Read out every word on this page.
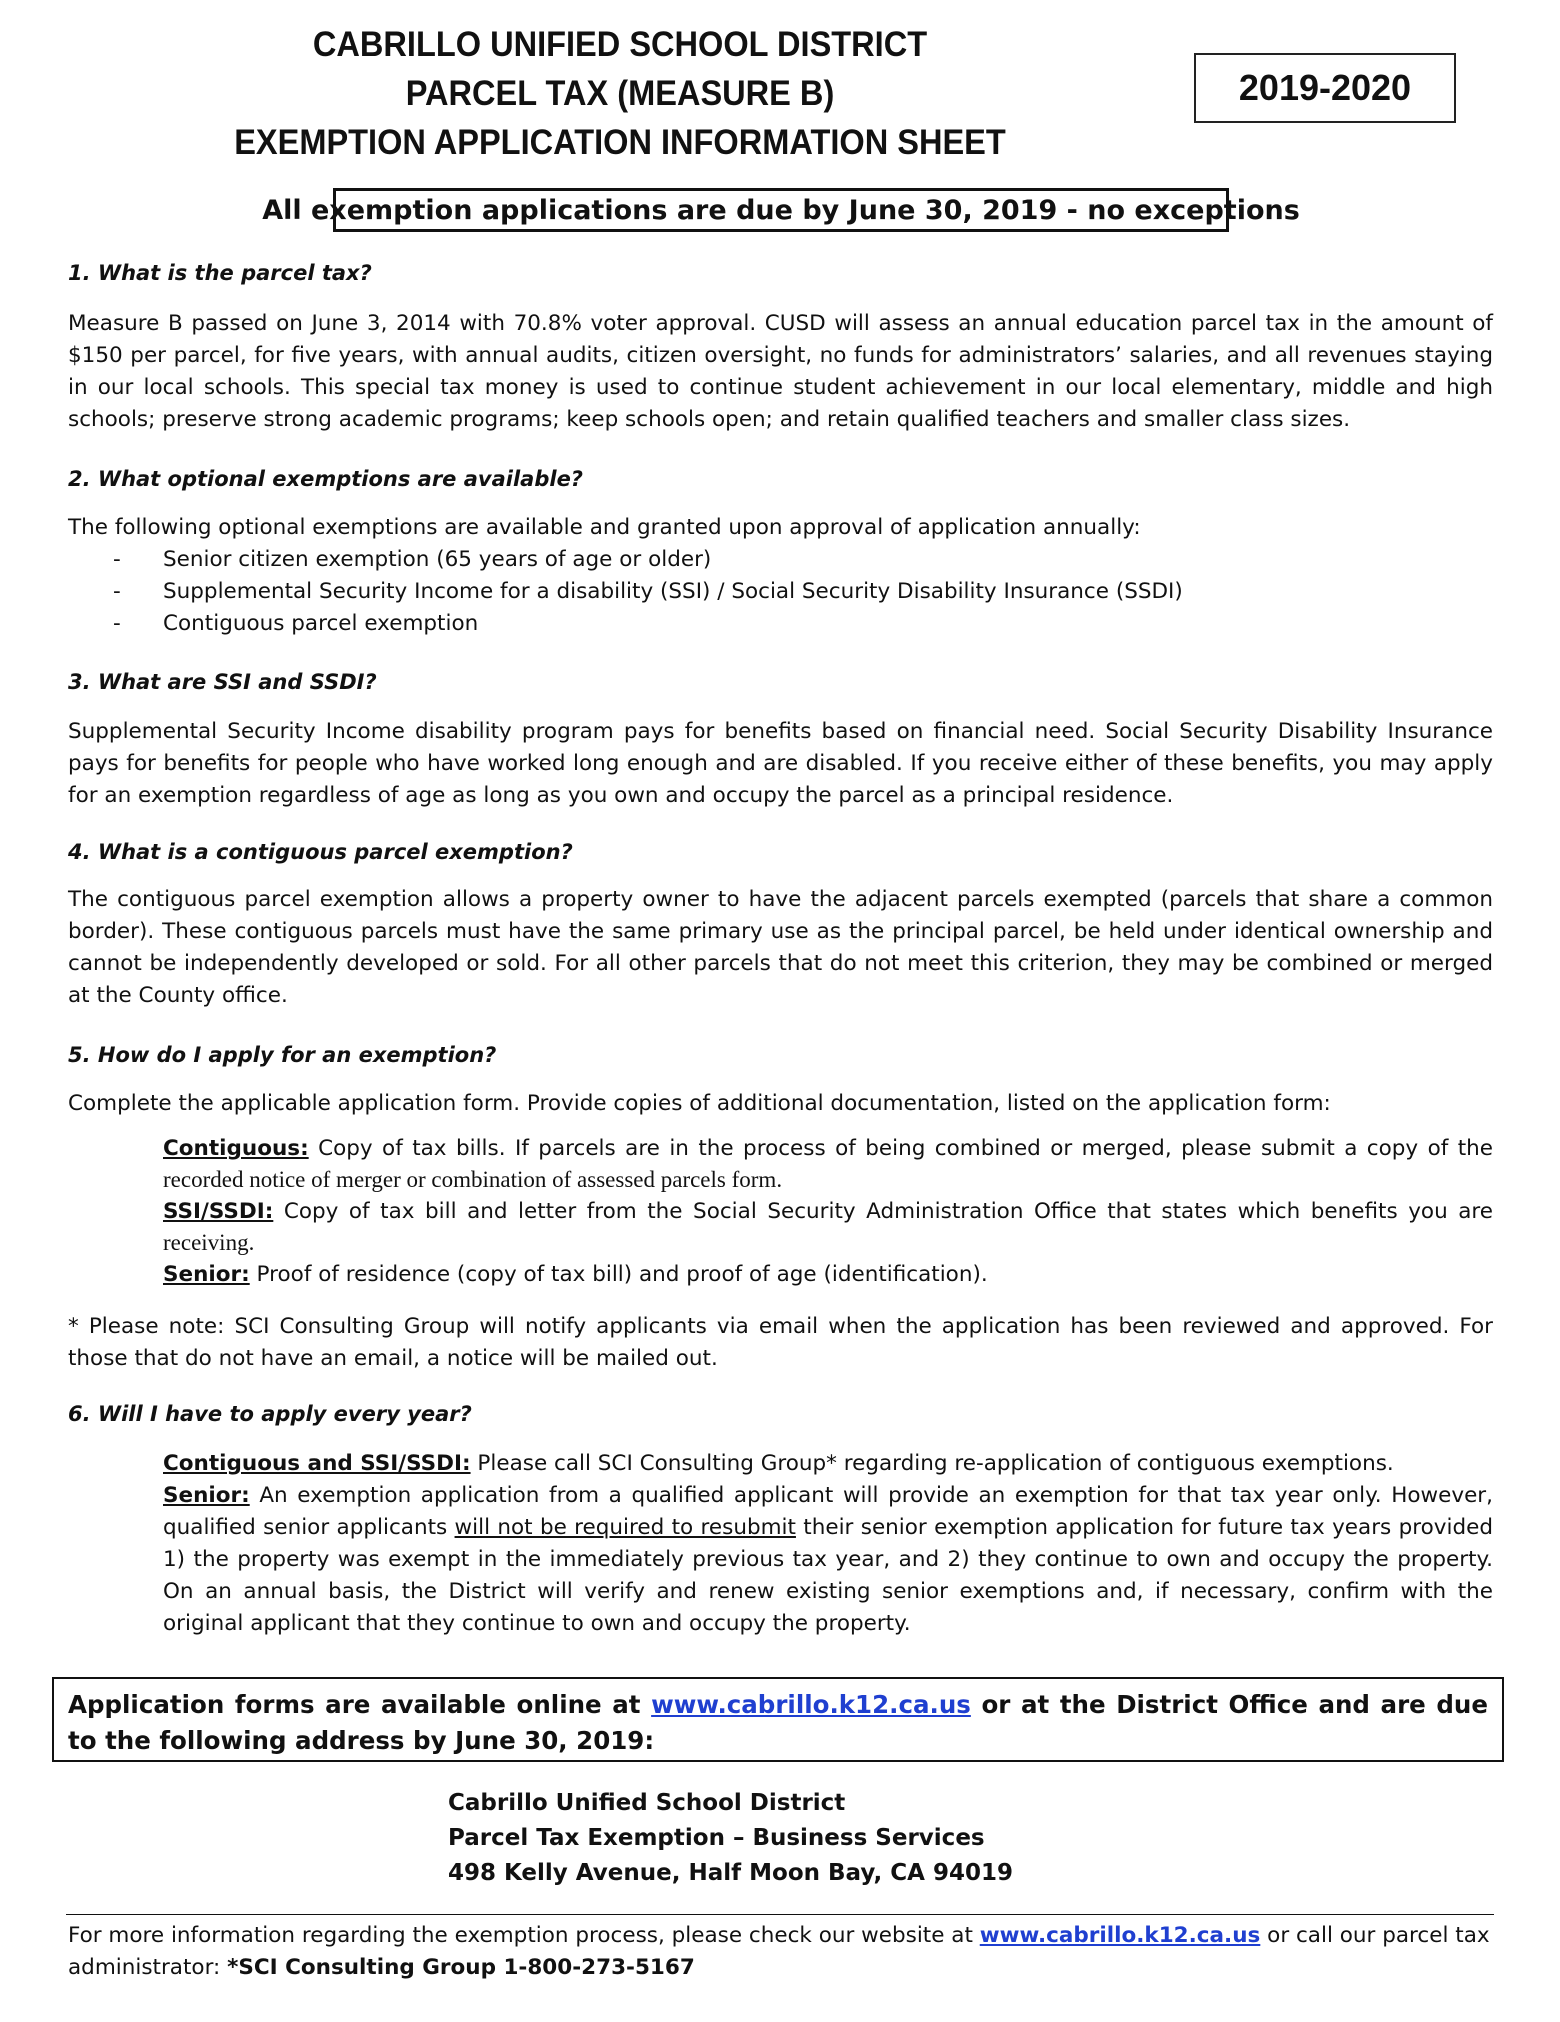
CABRILLO UNIFIED SCHOOL DISTRICT
PARCEL TAX (MEASURE B)
EXEMPTION APPLICATION INFORMATION SHEET
2019-2020
All exemption applications are due by June 30, 2019 - no exceptions
1. What is the parcel tax?
Measure B passed on June 3, 2014 with 70.8% voter approval. CUSD will assess an annual education parcel tax in the amount of $150 per parcel, for five years, with annual audits, citizen oversight, no funds for administrators’ salaries, and all revenues staying in our local schools. This special tax money is used to continue student achievement in our local elementary, middle and high schools; preserve strong academic programs; keep schools open; and retain qualified teachers and smaller class sizes.
2. What optional exemptions are available?
The following optional exemptions are available and granted upon approval of application annually:
-	Senior citizen exemption (65 years of age or older)
-	Supplemental Security Income for a disability (SSI) / Social Security Disability Insurance (SSDI)
-	Contiguous parcel exemption
3. What are SSI and SSDI?
Supplemental Security Income disability program pays for benefits based on financial need. Social Security Disability Insurance pays for benefits for people who have worked long enough and are disabled. If you receive either of these benefits, you may apply for an exemption regardless of age as long as you own and occupy the parcel as a principal residence.
4. What is a contiguous parcel exemption?
The contiguous parcel exemption allows a property owner to have the adjacent parcels exempted (parcels that share a common border). These contiguous parcels must have the same primary use as the principal parcel, be held under identical ownership and cannot be independently developed or sold. For all other parcels that do not meet this criterion, they may be combined or merged at the County office.
5. How do I apply for an exemption?
Complete the applicable application form. Provide copies of additional documentation, listed on the application form:
Contiguous: Copy of tax bills. If parcels are in the process of being combined or merged, please submit a copy of the recorded notice of merger or combination of assessed parcels form.
SSI/SSDI: Copy of tax bill and letter from the Social Security Administration Office that states which benefits you are receiving.
Senior: Proof of residence (copy of tax bill) and proof of age (identification).
* Please note: SCI Consulting Group will notify applicants via email when the application has been reviewed and approved. For those that do not have an email, a notice will be mailed out.
6. Will I have to apply every year?
Contiguous and SSI/SSDI: Please call SCI Consulting Group* regarding re-application of contiguous exemptions.
Senior: An exemption application from a qualified applicant will provide an exemption for that tax year only. However, qualified senior applicants will not be required to resubmit their senior exemption application for future tax years provided 1) the property was exempt in the immediately previous tax year, and 2) they continue to own and occupy the property. On an annual basis, the District will verify and renew existing senior exemptions and, if necessary, confirm with the original applicant that they continue to own and occupy the property.
Application forms are available online at www.cabrillo.k12.ca.us or at the District Office and are due to the following address by June 30, 2019:
Cabrillo Unified School District
Parcel Tax Exemption – Business Services
498 Kelly Avenue, Half Moon Bay, CA 94019
For more information regarding the exemption process, please check our website at www.cabrillo.k12.ca.us or call our parcel tax administrator: *SCI Consulting Group 1-800-273-5167
